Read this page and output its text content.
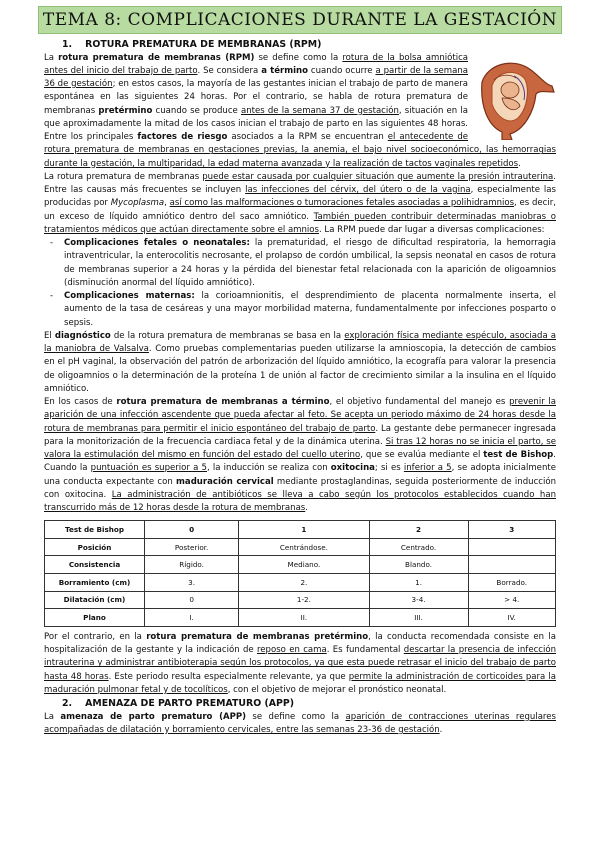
TEMA 8: COMPLICACIONES DURANTE LA GESTACIÓN
1.    ROTURA PREMATURA DE MEMBRANAS (RPM)

La rotura prematura de membranas (RPM) se define como la rotura de la bolsa amniótica antes del inicio del trabajo de parto. Se considera a término cuando ocurre a partir de la semana 36 de gestación; en estos casos, la mayoría de las gestantes inician el trabajo de parto de manera espontánea en las siguientes 24 horas. Por el contrario, se habla de rotura prematura de membranas pretérmino cuando se produce antes de la semana 37 de gestación, situación en la que aproximadamente la mitad de los casos inician el trabajo de parto en las siguientes 48 horas. Entre los principales factores de riesgo asociados a la RPM se encuentran el antecedente de rotura prematura de membranas en gestaciones previas, la anemia, el bajo nivel socioeconómico, las hemorragias durante la gestación, la multiparidad, la edad materna avanzada y la realización de tactos vaginales repetidos.

La rotura prematura de membranas puede estar causada por cualquier situación que aumente la presión intrauterina. Entre las causas más frecuentes se incluyen las infecciones del cérvix, del útero o de la vagina, especialmente las producidas por Mycoplasma, así como las malformaciones o tumoraciones fetales asociadas a polihidramnios, es decir, un exceso de líquido amniótico dentro del saco amniótico. También pueden contribuir determinadas maniobras o tratamientos médicos que actúan directamente sobre el amnios. La RPM puede dar lugar a diversas complicaciones:

- Complicaciones fetales o neonatales: la prematuridad, el riesgo de dificultad respiratoria, la hemorragia intraventricular, la enterocolitis necrosante, el prolapso de cordón umbilical, la sepsis neonatal en casos de rotura de membranas superior a 24 horas y la pérdida del bienestar fetal relacionada con la aparición de oligoamnios (disminución anormal del líquido amniótico).
- Complicaciones maternas: la corioamnionitis, el desprendimiento de placenta normalmente inserta, el aumento de la tasa de cesáreas y una mayor morbilidad materna, fundamentalmente por infecciones posparto o sepsis.

El diagnóstico de la rotura prematura de membranas se basa en la exploración física mediante espéculo, asociada a la maniobra de Valsalva. Como pruebas complementarias pueden utilizarse la amnioscopia, la detección de cambios en el pH vaginal, la observación del patrón de arborización del líquido amniótico, la ecografía para valorar la presencia de oligoamnios o la determinación de la proteína 1 de unión al factor de crecimiento similar a la insulina en el líquido amniótico.

En los casos de rotura prematura de membranas a término, el objetivo fundamental del manejo es prevenir la aparición de una infección ascendente que pueda afectar al feto. Se acepta un periodo máximo de 24 horas desde la rotura de membranas para permitir el inicio espontáneo del trabajo de parto. La gestante debe permanecer ingresada para la monitorización de la frecuencia cardiaca fetal y de la dinámica uterina. Si tras 12 horas no se inicia el parto, se valora la estimulación del mismo en función del estado del cuello uterino, que se evalúa mediante el test de Bishop. Cuando la puntuación es superior a 5, la inducción se realiza con oxitocina; si es inferior a 5, se adopta inicialmente una conducta expectante con maduración cervical mediante prostaglandinas, seguida posteriormente de inducción con oxitocina. La administración de antibióticos se lleva a cabo según los protocolos establecidos cuando han transcurrido más de 12 horas desde la rotura de membranas.

Test de Bishop	0	1	2	3
Posición	Posterior.	Centrándose.	Centrado.	
Consistencia	Rígido.	Mediano.	Blando.	
Borramiento (cm)	3.	2.	1.	Borrado.
Dilatación (cm)	0	1-2.	3-4.	> 4.
Plano	I.	II.	III.	IV.

Por el contrario, en la rotura prematura de membranas pretérmino, la conducta recomendada consiste en la hospitalización de la gestante y la indicación de reposo en cama. Es fundamental descartar la presencia de infección intrauterina y administrar antibioterapia según los protocolos, ya que esta puede retrasar el inicio del trabajo de parto hasta 48 horas. Este periodo resulta especialmente relevante, ya que permite la administración de corticoides para la maduración pulmonar fetal y de tocolíticos, con el objetivo de mejorar el pronóstico neonatal.

2.    AMENAZA DE PARTO PREMATURO (APP)

La amenaza de parto prematuro (APP) se define como la aparición de contracciones uterinas regulares acompañadas de dilatación y borramiento cervicales, entre las semanas 23-36 de gestación.
